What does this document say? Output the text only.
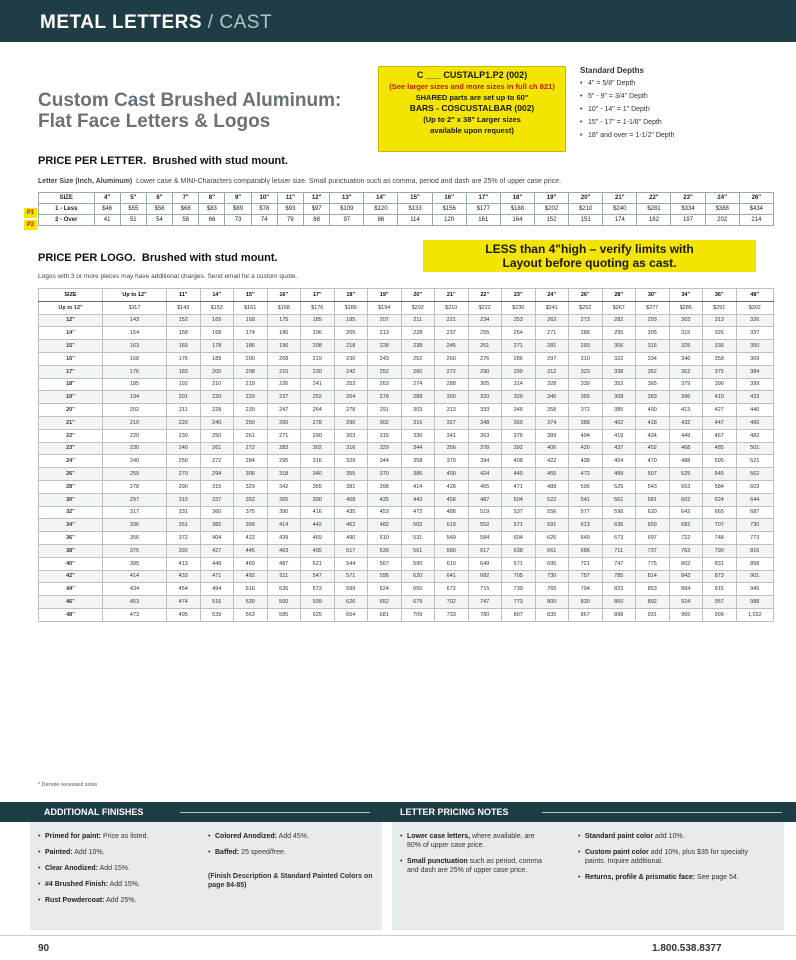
METAL LETTERS / CAST
Custom Cast Brushed Aluminum:
Flat Face Letters & Logos
C ___ CUSTALP1.P2 (002)
(See larger sizes and more sizes in full ch 821)
SHARED parts are set up to 60"
BARS - COSCUSTALBAR (002)
(Up to 2" x 38" Larger sizes
available upon request)
Standard Depths
• 4" = 5/8" Depth
• 5" - 9" = 3/4" Depth
• 10" - 14" = 1" Depth
• 15" - 17" = 1-1/8" Depth
• 18" and over = 1-1/2" Depth
PRICE PER LETTER. Brushed with stud mount.
Letter Size (Inch, Aluminum) Lower case & MINI-Characters comparably lesser size. Small punctuation such as comma, period and dash are 25% of upper case price.
SIZE	4"	5"	6"	7"	8"	9"	10"	11"	12"	13"	14"	15"	16"	17"	18"	19"	20"	21"	22"	23"	24"	26"
1 - Less	$46	$55	$58	$68	$83	$89	$78	$93	$97	$109	$120	$133	$156	$177	$188	$202	$210	$240	$281	$334	$388	$434
2 - Over	41	51	54	58	66	73	74	79	88	97	86	114	120	161	164	152	151	174	182	197	202	214
P1
P2
LESS than 4"high – verify limits with
Layout before quoting as cast.
PRICE PER LOGO. Brushed with stud mount.
Logos with 3 or more pieces may have additional charges. Send email for a custom quote.
SIZE	Up to 12"	11"	14"	15"	16"	17"	18"	19"	20"	21"	22"	23"	24"	26"	28"	30"	34"	36"	48"
Up to 12"	$117	$143	$153	$161	$168	$176	$186	$194	$202	$210	$222	$236	$241	$252	$267	$277	$285	$291	$302
12"	143	152	165	168	175	185	195	207	211	221	234	253	262	273	282	293	303	313	326
14"	154	158	168	174	186	196	205	213	228	237	255	264	271	285	295	305	315	326	337
15"	163	169	178	186	196	208	218	228	238	245	261	271	281	293	306	316	325	336	350
16"	168	176	189	200	208	219	230	243	252	260	276	286	297	310	322	334	346	358	369
17"	176	183	200	208	215	230	242	252	260	272	290	299	312	323	338	352	362	375	384
18"	185	192	210	219	226	241	253	263	274	288	305	314	328	339	352	365	379	390	399
19"	194	201	220	229	237	252	264	278	288	300	320	329	345	355	368	383	396	410	423
20"	202	211	228	239	247	264	278	291	303	313	333	346	358	372	385	400	413	427	440
21"	210	220	240	250	260	278	290	302	316	327	348	360	374	388	402	418	432	447	460
22"	220	230	250	261	271	290	303	315	330	341	363	376	389	404	419	434	449	467	482
23"	230	240	261	272	283	302	316	329	344	356	378	392	406	420	437	452	468	485	501
24"	240	250	272	284	295	316	329	344	358	370	394	408	422	438	454	470	488	505	521
26"	259	270	294	306	318	340	355	370	386	400	424	440	455	472	489	507	525	545	562
28"	278	290	315	329	342	365	381	398	414	428	455	471	488	506	525	543	563	584	603
30"	297	310	337	352	365	390	408	425	443	458	487	504	522	541	561	581	602	624	644
32"	317	331	360	375	390	416	435	453	472	488	519	537	556	577	598	620	642	665	687
34"	336	351	382	399	414	442	462	482	502	519	552	571	591	613	636	659	682	707	730
36"	356	372	404	422	439	469	490	510	531	549	584	604	626	649	673	697	722	748	773
38"	375	392	427	445	463	495	517	539	561	580	617	638	661	686	711	737	763	790	816
40"	395	413	449	469	487	521	544	567	590	610	649	671	695	721	747	775	802	831	858
42"	414	433	471	492	511	547	571	595	620	641	682	705	730	757	785	814	843	873	901
44"	434	454	494	516	536	573	599	624	650	672	715	739	765	794	823	853	884	915	945
46"	453	474	516	539	560	599	626	652	679	702	747	773	800	830	860	892	924	957	988
48"	473	495	539	563	585	625	654	681	709	733	780	807	835	867	898	931	965	999	1,032
* Denote recessed sizes
ADDITIONAL FINISHES	LETTER PRICING NOTES
• Primed for paint: Price as listed.
• Painted: Add 10%.
• Clear Anodized: Add 15%.
• #4 Brushed Finish: Add 15%.
• Rust Powdercoat: Add 25%.
• Colored Anodized: Add 45%.
• Baffed: 25 speed/free.
(Finish Description & Standard Painted Colors on page 84-85)
• Lower case letters, where available, are 80% of upper case price.
• Small punctuation such as period, comma and dash are 25% of upper case price.
• Standard paint color add 10%.
• Custom paint color add 10%, plus $35 for specialty paints. Inquire additional.
• Returns, profile & prismatic face: See page 54.
90	1.800.538.8377
